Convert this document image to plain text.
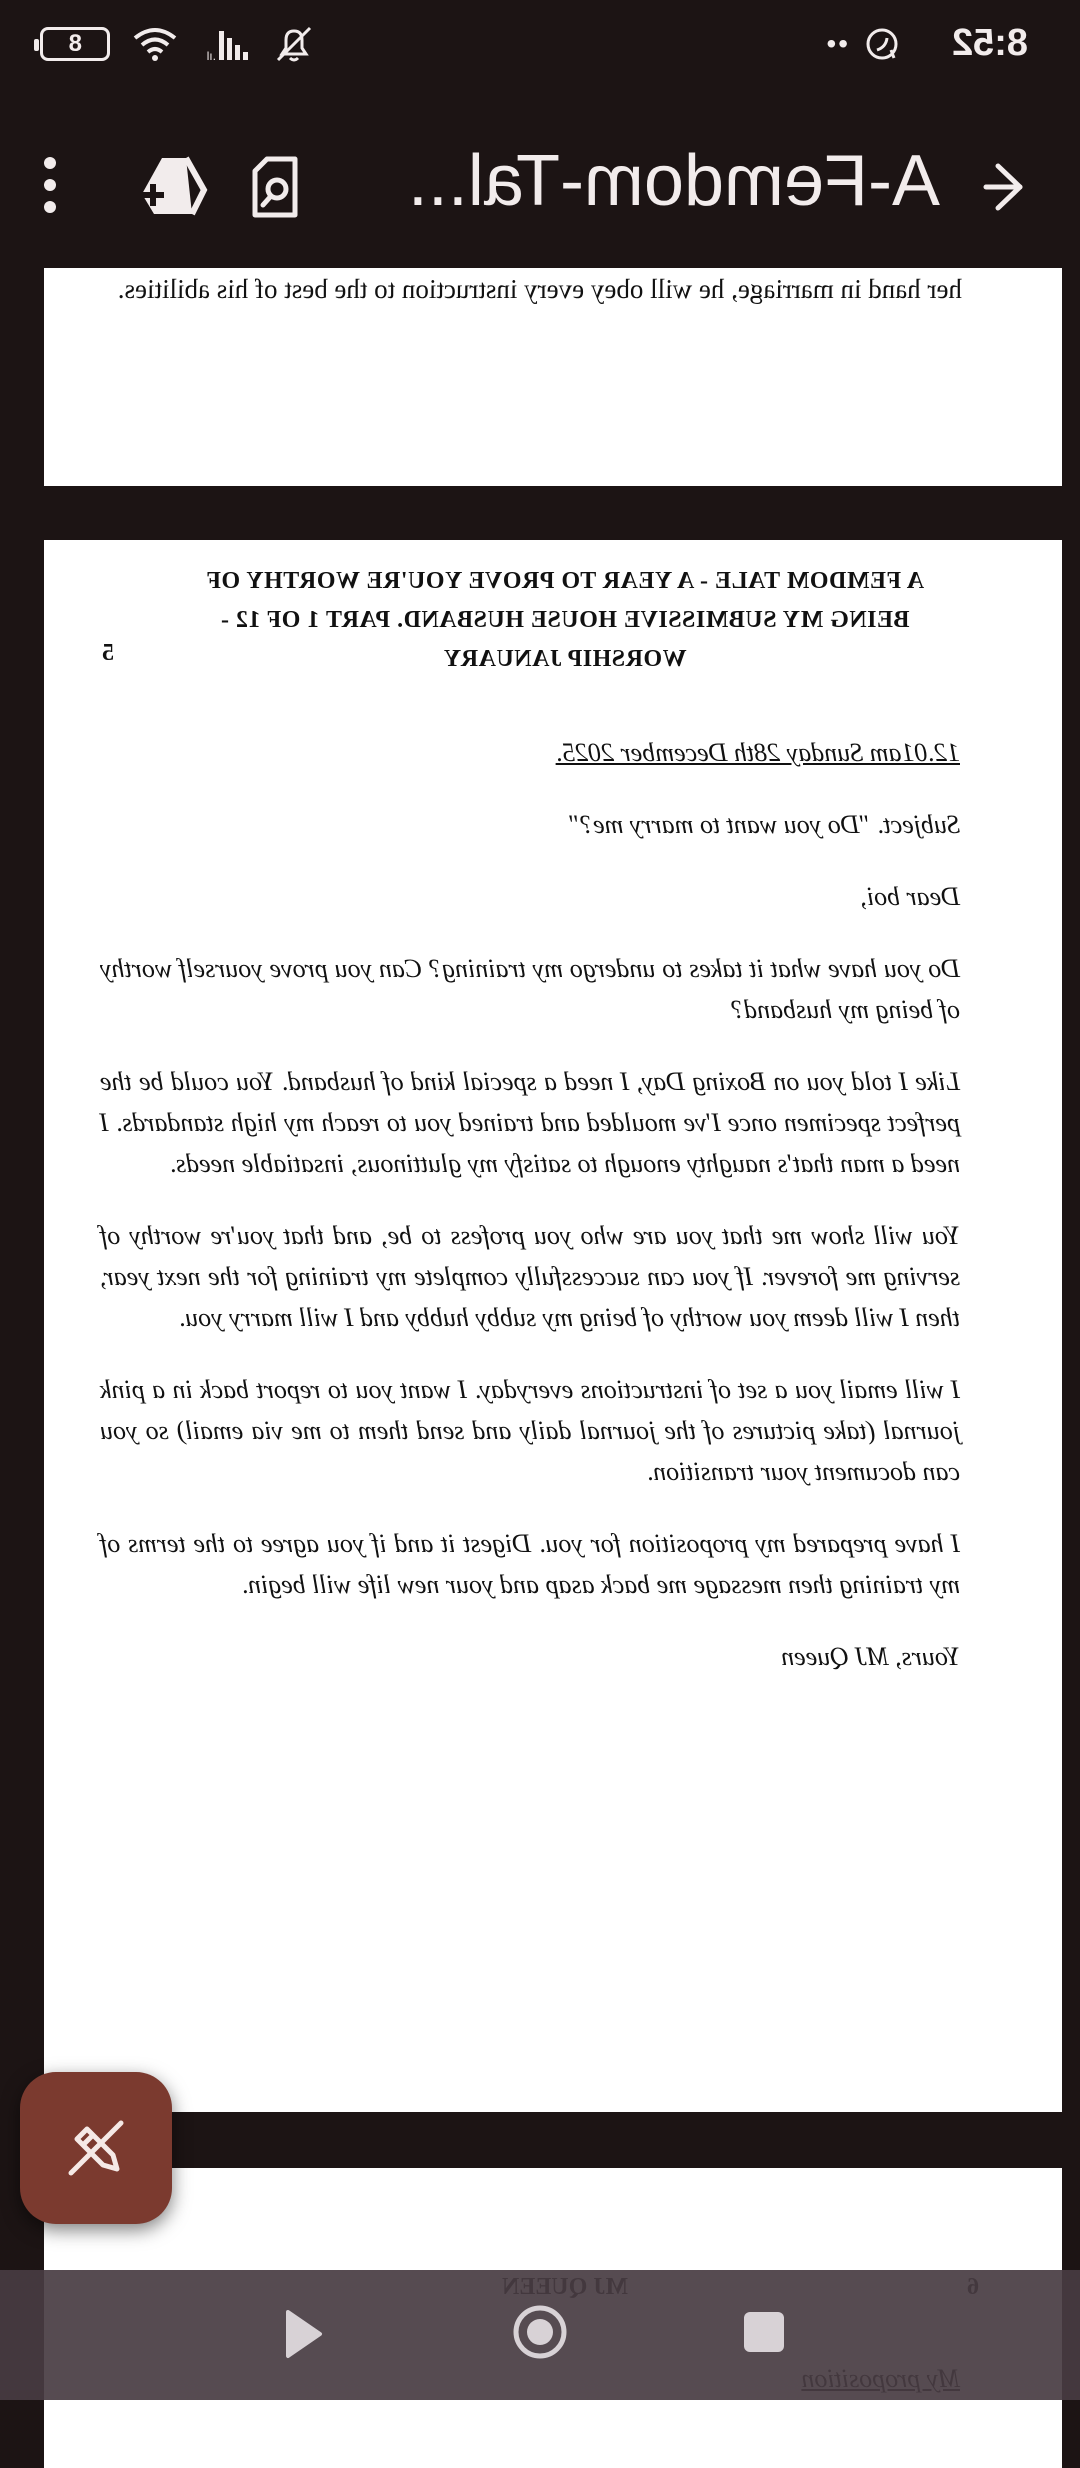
8:52
••
.ıl
8
A-Femdom-Tal...
her hand in marriage, he will obey every instruction to the best of his abilities.
A FEMDOM TALE - A YEAR TO PROVE YOU'RE WORTHY OF BEING MY SUBMISSIVE HOUSE HUSBAND. PART 1 OF 12 - WORSHIP JANUARY
5

12.01am Sunday 28th December 2025.

Subject. "Do you want to marry me?"

Dear boi,

Do you have what it takes to undergo my training? Can you prove yourself worthy of being my husband?

Like I told you on Boxing Day, I need a special kind of husband. You could be the perfect specimen once I've moulded and trained you to reach my high standards. I need a man that's naughty enough to satisfy my gluttinous, insatiable needs.

You will show me that you are who you profess to be, and that you're worthy of serving me forever. If you can successfully complete my training for the next year, then I will deem you worthy of being my subby hubby and I will marry you.

I will email you a set of instructions everyday. I want you to report back in a pink journal (take pictures of the journal daily and send them to me via email) so you can document your transition.

I have prepared my proposition for you. Digest it and if you agree to the terms of my training then message me back asap and your new life will begin.

Yours, MJ Queen
